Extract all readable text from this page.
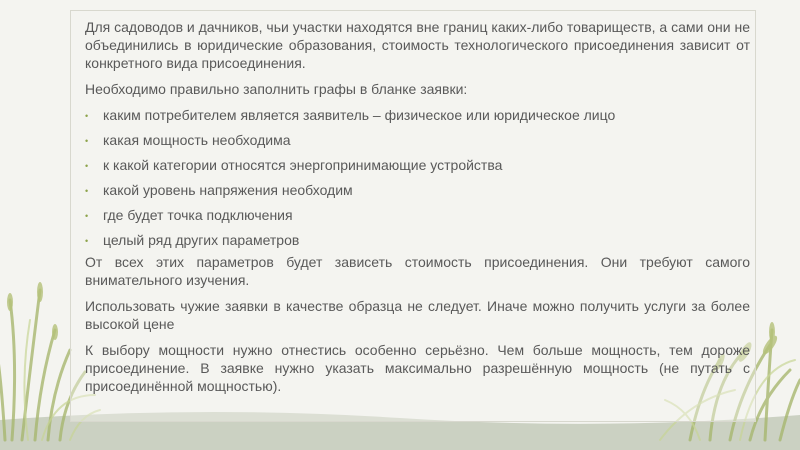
Для садоводов и дачников, чьи участки находятся вне границ каких-либо товариществ, а сами они не объединились в юридические образования, стоимость технологического присоединения зависит от конкретного вида присоединения.

Необходимо правильно заполнить графы в бланке заявки:

• каким потребителем является заявитель – физическое или юридическое лицо
• какая мощность необходима
• к какой категории относятся энергопринимающие устройства
• какой уровень напряжения необходим
• где будет точка подключения
• целый ряд других параметров

От всех этих параметров будет зависеть стоимость присоединения. Они требуют самого внимательного изучения.

Использовать чужие заявки в качестве образца не следует. Иначе можно получить услуги за более высокой цене

К выбору мощности нужно отнестись особенно серьёзно. Чем больше мощность, тем дороже присоединение. В заявке нужно указать максимально разрешённую мощность (не путать с присоединённой мощностью).
